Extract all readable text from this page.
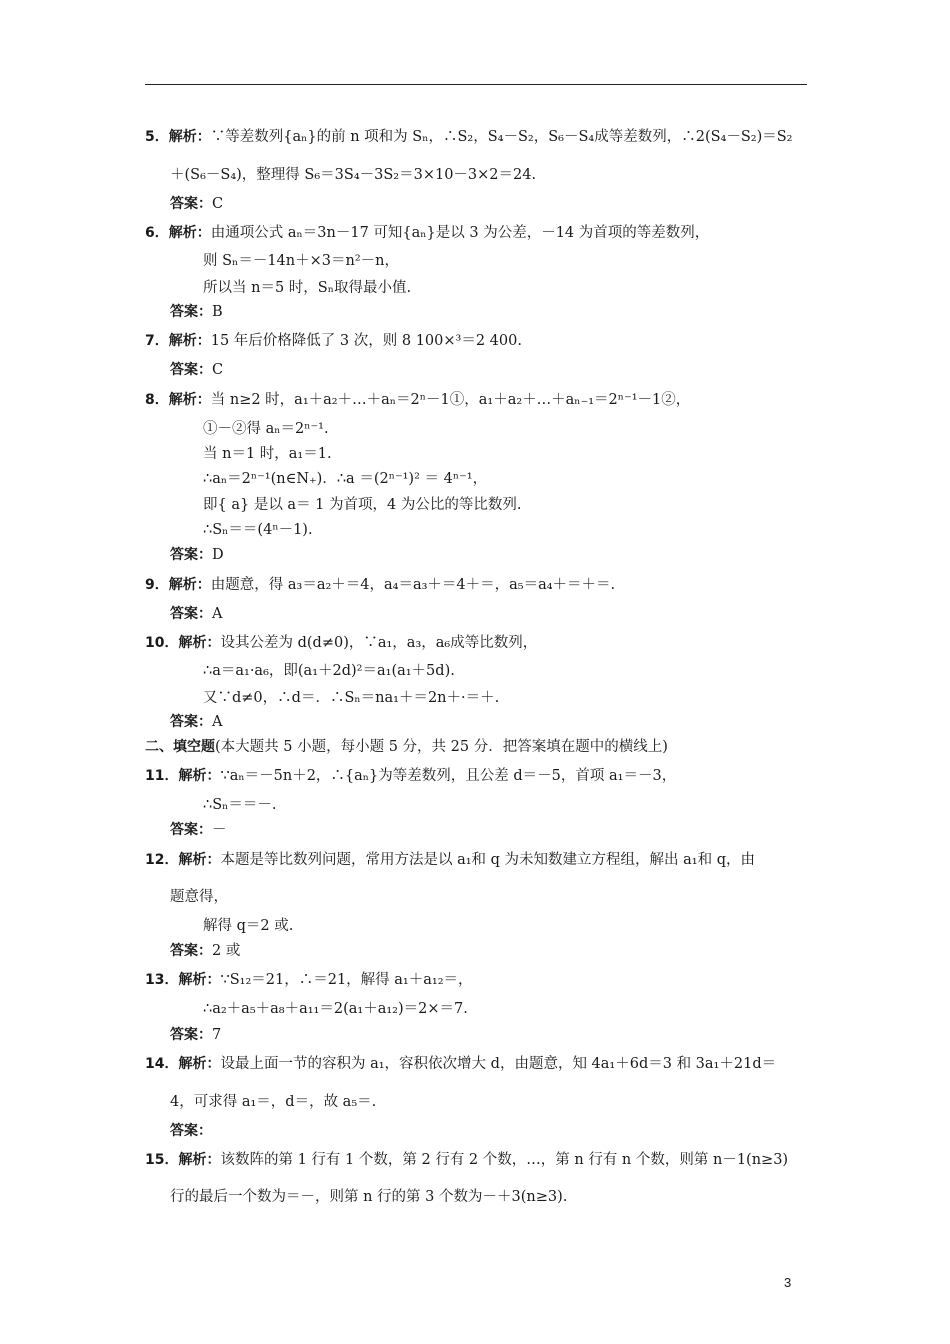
5．解析：∵等差数列{aₙ}的前 n 项和为 Sₙ，∴S₂，S₄－S₂，S₆－S₄成等差数列，∴2(S₄－S₂)＝S₂
＋(S₆－S₄)，整理得 S₆＝3S₄－3S₂＝3×10－3×2＝24.
答案：C
6．解析：由通项公式 aₙ＝3n－17 可知{aₙ}是以 3 为公差，－14 为首项的等差数列，
则 Sₙ＝－14n＋×3＝n²－n，
所以当 n＝5 时，Sₙ取得最小值.
答案：B
7．解析：15 年后价格降低了 3 次，则 8 100×³＝2 400.
答案：C
8．解析：当 n≥2 时，a₁＋a₂＋…＋aₙ＝2ⁿ－1①，a₁＋a₂＋…＋aₙ₋₁＝2ⁿ⁻¹－1②，
①－②得 aₙ＝2ⁿ⁻¹.
当 n＝1 时，a₁＝1.
∴aₙ＝2ⁿ⁻¹(n∈N₊)．∴a ＝(2ⁿ⁻¹)² ＝ 4ⁿ⁻¹，
即{ a} 是以 a＝ 1 为首项，4 为公比的等比数列.
∴Sₙ＝＝(4ⁿ－1).
答案：D
9．解析：由题意，得 a₃＝a₂＋＝4，a₄＝a₃＋＝4＋＝，a₅＝a₄＋＝＋＝.
答案：A
10．解析：设其公差为 d(d≠0)，∵a₁，a₃，a₆成等比数列，
∴a＝a₁·a₆，即(a₁＋2d)²＝a₁(a₁＋5d).
又∵d≠0，∴d＝．∴Sₙ＝na₁＋＝2n＋·＝＋.
答案：A
二、填空题(本大题共 5 小题，每小题 5 分，共 25 分．把答案填在题中的横线上)
11．解析：∵aₙ＝－5n＋2，∴{aₙ}为等差数列，且公差 d＝－5，首项 a₁＝－3，
∴Sₙ＝＝－.
答案：－
12．解析：本题是等比数列问题，常用方法是以 a₁和 q 为未知数建立方程组，解出 a₁和 q，由
题意得，
解得 q＝2 或.
答案：2 或
13．解析：∵S₁₂＝21，∴＝21，解得 a₁＋a₁₂＝，
∴a₂＋a₅＋a₈＋a₁₁＝2(a₁＋a₁₂)＝2×＝7.
答案：7
14．解析：设最上面一节的容积为 a₁，容积依次增大 d，由题意，知 4a₁＋6d＝3 和 3a₁＋21d＝
4，可求得 a₁＝，d＝，故 a₅＝.
答案：
15．解析：该数阵的第 1 行有 1 个数，第 2 行有 2 个数，…，第 n 行有 n 个数，则第 n－1(n≥3)
行的最后一个数为＝－，则第 n 行的第 3 个数为－＋3(n≥3).
3
